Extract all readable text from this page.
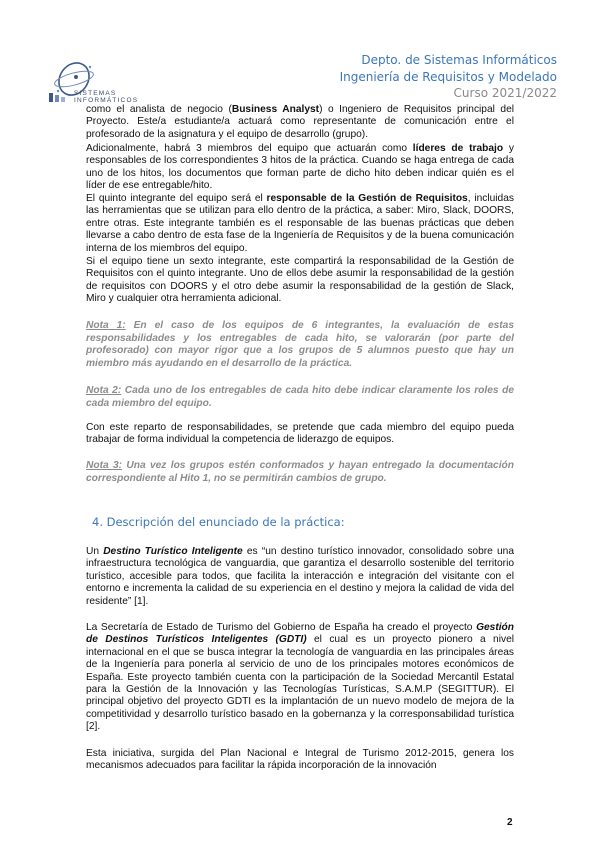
SISTEMAS
INFORMÁTICOS
Depto. de Sistemas Informáticos
Ingeniería de Requisitos y Modelado
Curso 2021/2022
como el analista de negocio (Business Analyst) o Ingeniero de Requisitos principal del Proyecto. Este/a estudiante/a actuará como representante de comunicación entre el profesorado de la asignatura y el equipo de desarrollo (grupo).
Adicionalmente, habrá 3 miembros del equipo que actuarán como líderes de trabajo y responsables de los correspondientes 3 hitos de la práctica. Cuando se haga entrega de cada uno de los hitos, los documentos que forman parte de dicho hito deben indicar quién es el líder de ese entregable/hito.
El quinto integrante del equipo será el responsable de la Gestión de Requisitos, incluidas las herramientas que se utilizan para ello dentro de la práctica, a saber: Miro, Slack, DOORS, entre otras. Este integrante también es el responsable de las buenas prácticas que deben llevarse a cabo dentro de esta fase de la Ingeniería de Requisitos y de la buena comunicación interna de los miembros del equipo.
Si el equipo tiene un sexto integrante, este compartirá la responsabilidad de la Gestión de Requisitos con el quinto integrante. Uno de ellos debe asumir la responsabilidad de la gestión de requisitos con DOORS y el otro debe asumir la responsabilidad de la gestión de Slack, Miro y cualquier otra herramienta adicional.
Nota 1: En el caso de los equipos de 6 integrantes, la evaluación de estas responsabilidades y los entregables de cada hito, se valorarán (por parte del profesorado) con mayor rigor que a los grupos de 5 alumnos puesto que hay un miembro más ayudando en el desarrollo de la práctica.
Nota 2: Cada uno de los entregables de cada hito debe indicar claramente los roles de cada miembro del equipo.
Con este reparto de responsabilidades, se pretende que cada miembro del equipo pueda trabajar de forma individual la competencia de liderazgo de equipos.
Nota 3: Una vez los grupos estén conformados y hayan entregado la documentación correspondiente al Hito 1, no se permitirán cambios de grupo.
4. Descripción del enunciado de la práctica:
Un Destino Turístico Inteligente es “un destino turístico innovador, consolidado sobre una infraestructura tecnológica de vanguardia, que garantiza el desarrollo sostenible del territorio turístico, accesible para todos, que facilita la interacción e integración del visitante con el entorno e incrementa la calidad de su experiencia en el destino y mejora la calidad de vida del residente” [1].
La Secretaría de Estado de Turismo del Gobierno de España ha creado el proyecto Gestión de Destinos Turísticos Inteligentes (GDTI) el cual es un proyecto pionero a nivel internacional en el que se busca integrar la tecnología de vanguardia en las principales áreas de la Ingeniería para ponerla al servicio de uno de los principales motores económicos de España. Este proyecto también cuenta con la participación de la Sociedad Mercantil Estatal para la Gestión de la Innovación y las Tecnologías Turísticas, S.A.M.P (SEGITTUR). El principal objetivo del proyecto GDTI es la implantación de un nuevo modelo de mejora de la competitividad y desarrollo turístico basado en la gobernanza y la corresponsabilidad turística [2].
Esta iniciativa, surgida del Plan Nacional e Integral de Turismo 2012-2015, genera los mecanismos adecuados para facilitar la rápida incorporación de la innovación
2
